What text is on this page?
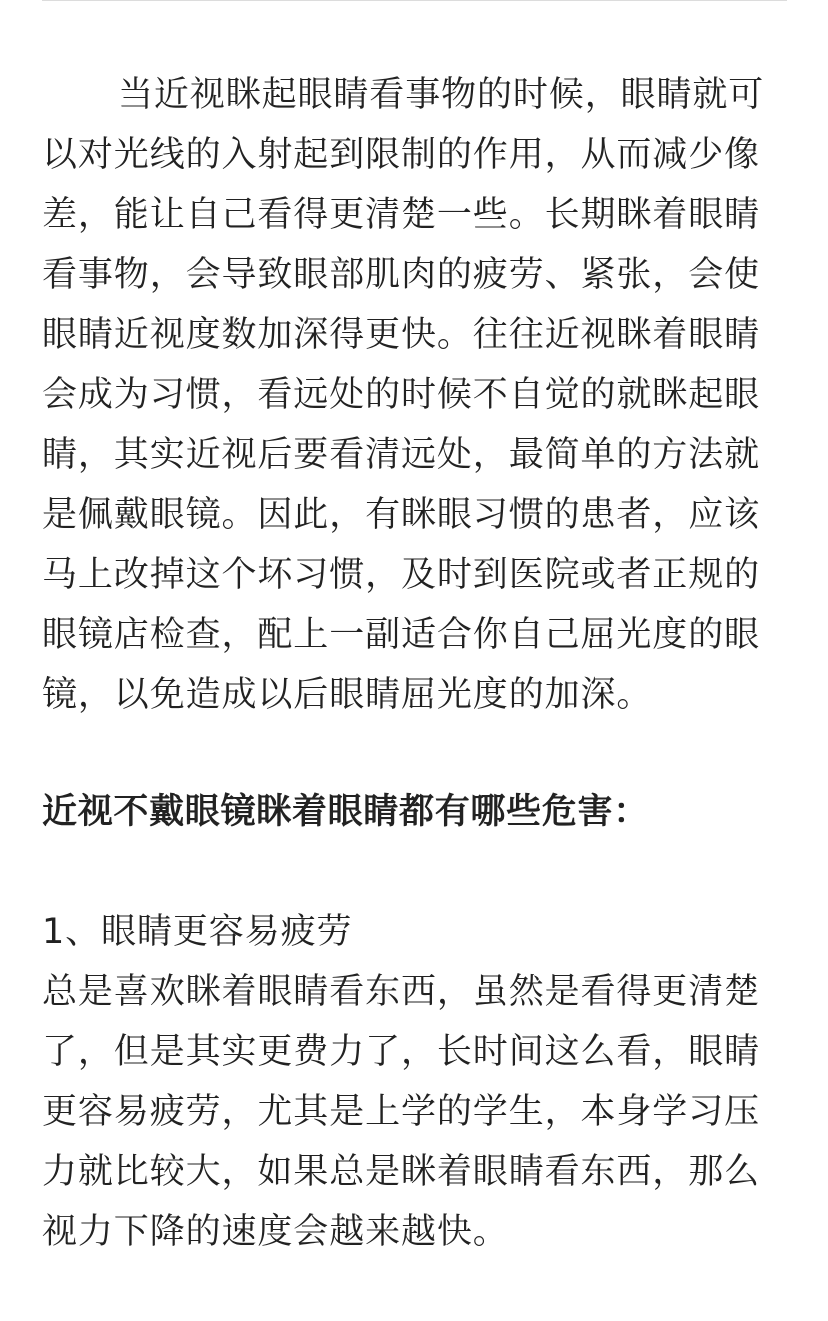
当近视眯起眼睛看事物的时候，眼睛就可
以对光线的入射起到限制的作用，从而减少像
差，能让自己看得更清楚一些。长期眯着眼睛
看事物，会导致眼部肌肉的疲劳、紧张，会使
眼睛近视度数加深得更快。往往近视眯着眼睛
会成为习惯，看远处的时候不自觉的就眯起眼
睛，其实近视后要看清远处，最简单的方法就
是佩戴眼镜。因此，有眯眼习惯的患者，应该
马上改掉这个坏习惯，及时到医院或者正规的
眼镜店检查，配上一副适合你自己屈光度的眼
镜，以免造成以后眼睛屈光度的加深。
近视不戴眼镜眯着眼睛都有哪些危害：
1、眼睛更容易疲劳
总是喜欢眯着眼睛看东西，虽然是看得更清楚
了，但是其实更费力了，长时间这么看，眼睛
更容易疲劳，尤其是上学的学生，本身学习压
力就比较大，如果总是眯着眼睛看东西，那么
视力下降的速度会越来越快。
